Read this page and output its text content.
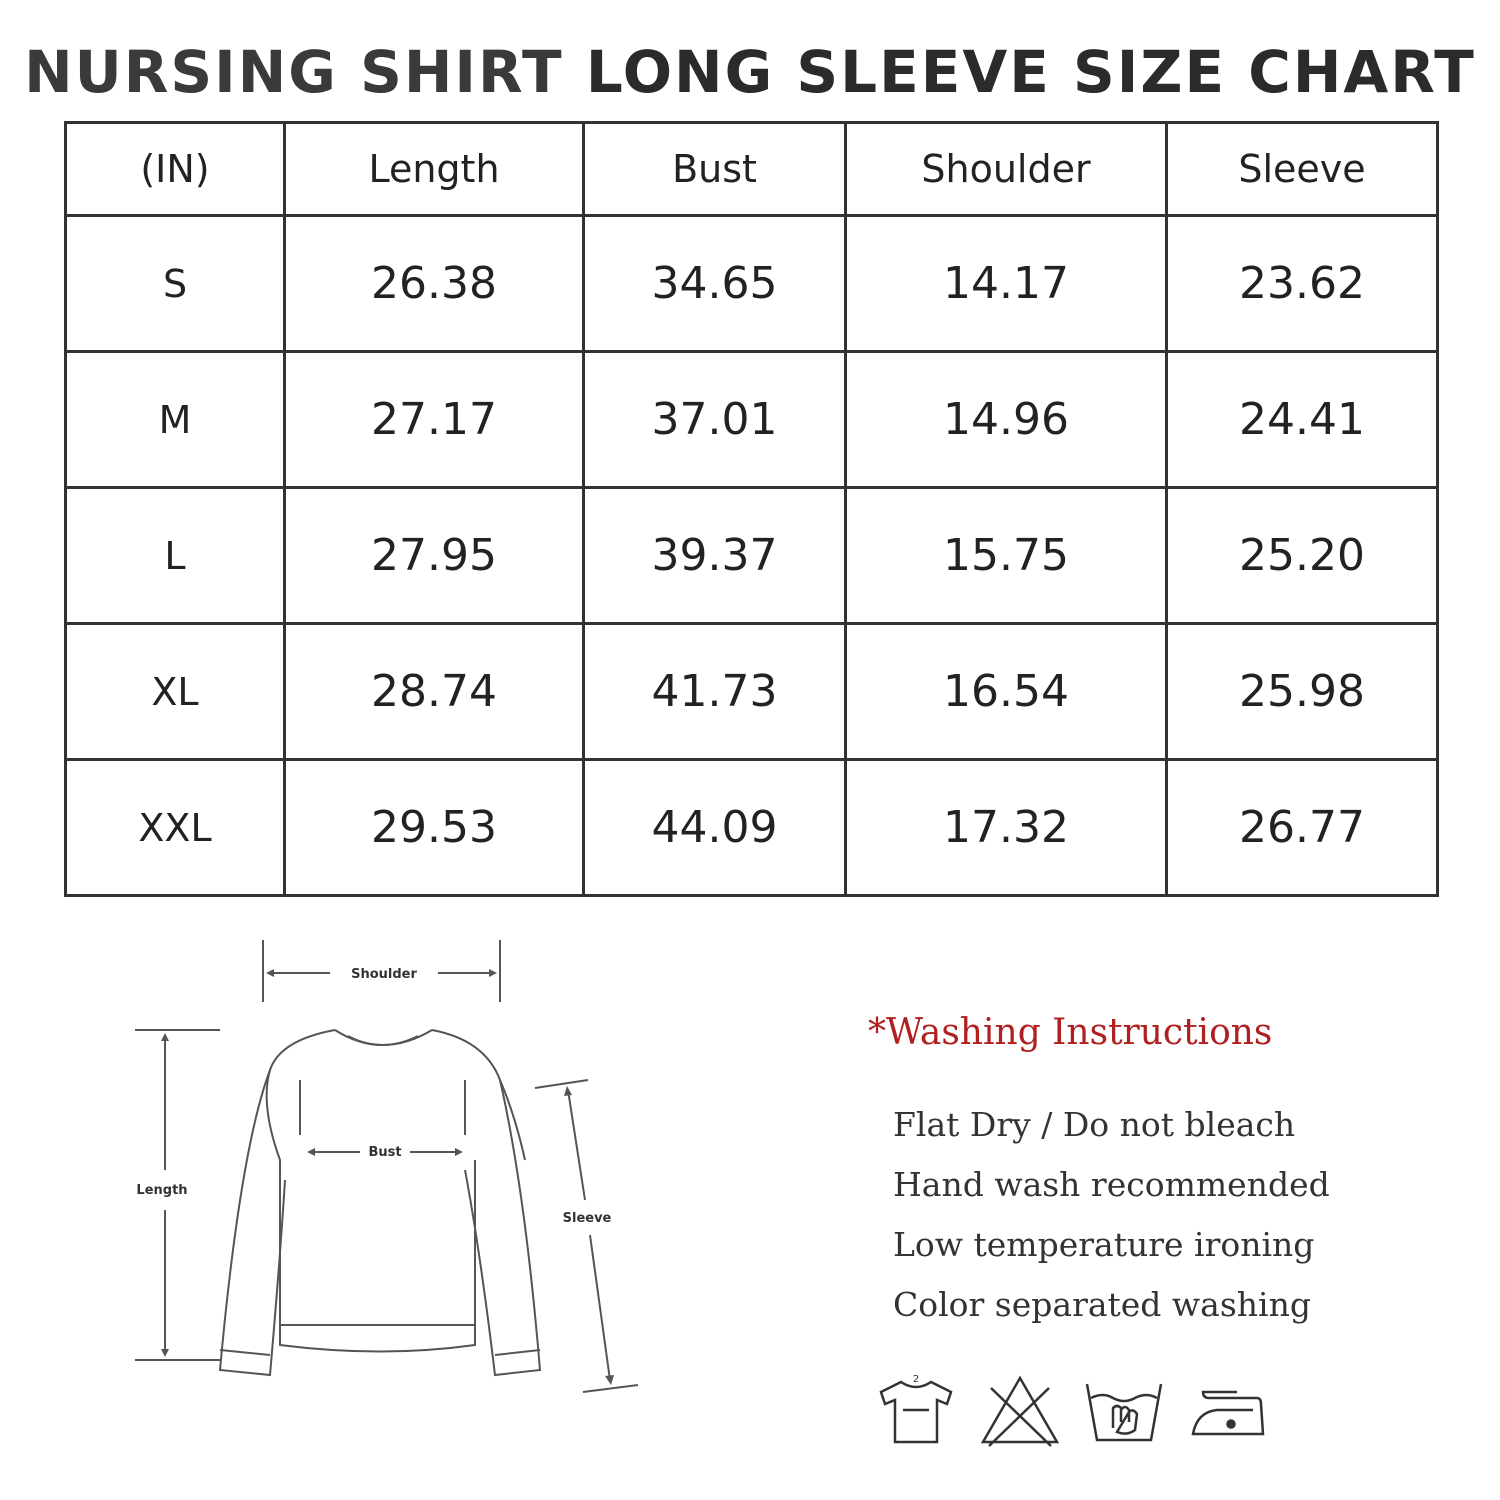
NURSING SHIRT LONG SLEEVE SIZE CHART
(IN)	Length	Bust	Shoulder	Sleeve
S	26.38	34.65	14.17	23.62
M	27.17	37.01	14.96	24.41
L	27.95	39.37	15.75	25.20
XL	28.74	41.73	16.54	25.98
XXL	29.53	44.09	17.32	26.77
Shoulder
Length
Bust
Sleeve
*Washing Instructions
Flat Dry / Do not bleach
Hand wash recommended
Low temperature ironing
Color separated washing
2
